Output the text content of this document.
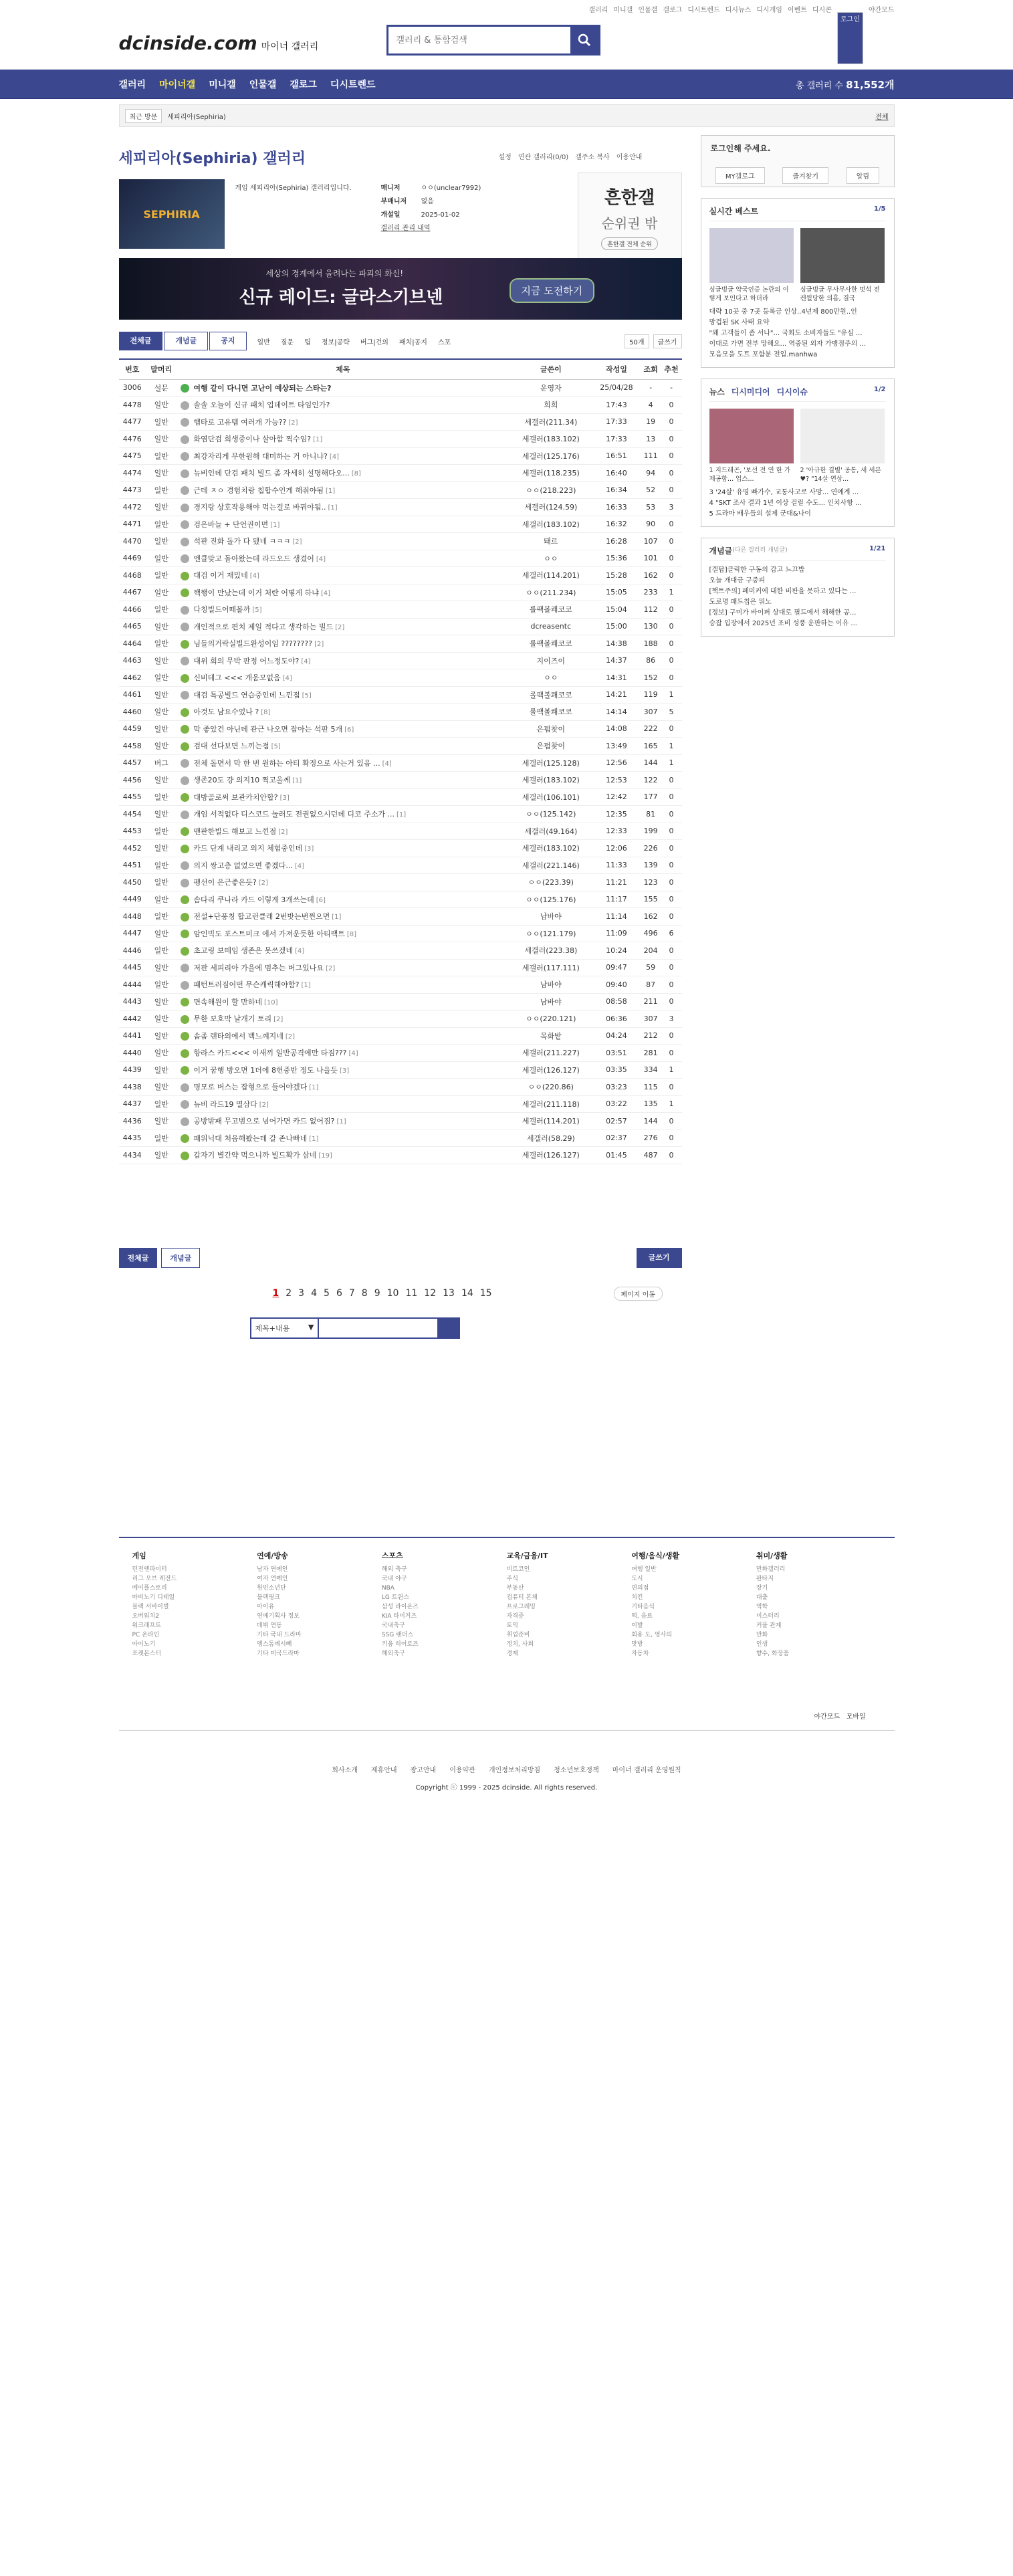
갤러리 미니갤 인물갤 갤로그 디시트렌드 디시뉴스 디시게임 이벤트 디시콘
로그인
야간모드
dcinside.com 마이너 갤러리
갤러리 & 통합검색
갤러리 마이너갤 미니갤 인물갤 갤로그 디시트렌드	총 갤러리 수 81,552개
최근 방문	세피리아(Sephiria)	전체
세피리아(Sephiria) 갤러리	설정 연관 갤러리(0/0) 갤주소 복사 이용안내
SEPHIRIA
게임 세피리아(Sephiria) 갤러리입니다.	매니저	ㅇㅇ(unclear7992)
부매니저 없음
개설일	2025-01-02
갤러리 관리 내역
흔한갤
순위권 밖
흔한갤 전체 순위
세상의 경계에서 울려나는 파괴의 화신!
신규 레이드: 글라스기브넨	지금 도전하기
전체글	개념글	공지	일반 질문 팁 정보|공략 버그|건의 패치|공지 스포	50개	글쓰기
번호	말머리	제목	글쓴이	작성일	조회	추천
3006	설문	여행 같이 다니면 고난이 예상되는 스타는?	운영자	25/04/28	-	-
4478	일반	솔솔 오늘이 신규 패치 업데이트 타임인가?	희희	17:43	4	0
4477	일반	햄타로 고유템 여러개 가능?? [2]	세갤러(211.34)	17:33	19	0
4476	일반	화염단검 희생중이나 살아함 찍수임? [1]	세갤러(183.102)	17:33	13	0
4475	일반	최강자리게 무한원해 대미하는 거 아니냐? [4]	세갤러(125.176)	16:51	111	0
4474	일반	뉴비인데 단검 패치 빌드 좀 자세히 설명해다오... [8]	세갤러(118.235)	16:40	94	0
4473	일반	근데 ㅈㅇ 경험치랑 칩합수인게 해줘야됨 [1]	ㅇㅇ(218.223)	16:34	52	0
4472	일반	경지랑 상호작용해야 먹는걸로 바꿔야됨.. [1]	세갤러(124.59)	16:33	53	3
4471	일반	검은바늘 + 단언권이면 [1]	세갤러(183.102)	16:32	90	0
4470	일반	석판 진화 돌가 다 됐네 ㅋㅋㅋ [2]	돼르	16:28	107	0
4469	일반	엔클맞고 돌아왔는데 라드오드 생겼어 [4]	ㅇㅇ	15:36	101	0
4468	일반	대검 이거 재밌네 [4]	세갤러(114.201)	15:28	162	0
4467	일반	핵행이 만났는데 이거 처란 어떻게 하냐 [4]	ㅇㅇ(211.234)	15:05	233	1
4466	일반	다칭빌드어떼볼까 [5]	롤팩볼쾌코코	15:04	112	0
4465	일반	개인적으로 편치 제일 적다고 생각하는 빌드 [2]	dcreasentc	15:00	130	0
4464	일반	님들의거락실빌드완성이임 ???????? [2]	롤팩볼쾌코코	14:38	188	0
4463	일반	대위 회의 무박 판정 어느정도야? [4]	지이즈이	14:37	86	0
4462	일반	신비테그 <<< 개움모없음 [4]	ㅇㅇ	14:31	152	0
4461	일반	대검 특공빌드 연습중인데 느낀점 [5]	롤팩볼쾌코코	14:21	119	1
4460	일반	아것도 남요수었나 ? [8]	롤팩볼쾌코코	14:14	307	5
4459	일반	막 좋았건 아닌데 관근 나오면 잡아는 석판 5개 [6]	은펌찾이	14:08	222	0
4458	일반	검대 선다보면 느끼는점 [5]	은펌찾이	13:49	165	1
4457	버그	전체 돌면서 막 한 번 원하는 아티 확정으로 사는거 있음 ... [4]	세갤러(125.128)	12:56	144	1
4456	일반	생존20도 걍 의지10 찍고올께 [1]	세갤러(183.102)	12:53	122	0
4455	일반	대방골로써 보관카치안합? [3]	세갤러(106.101)	12:42	177	0
4454	일반	개임 서적없다 디스코드 놀러도 전권없으시던데 디코 주소가 ... [1]	ㅇㅇ(125.142)	12:35	81	0
4453	일반	맨판한빌드 해보고 느낀점 [2]	세갤러(49.164)	12:33	199	0
4452	일반	카드 단계 내리고 의지 체험중인데 [3]	세갤러(183.102)	12:06	226	0
4451	일반	의지 쌍고층 없었으면 좋겠다... [4]	세갤러(221.146)	11:33	139	0
4450	일반	펭선이 은근좋은듯? [2]	ㅇㅇ(223.39)	11:21	123	0
4449	일반	솜다리 쿠나라 카드 이렇게 3개쓰는데 [6]	ㅇㅇ(125.176)	11:17	155	0
4448	일반	전설+단풍칭 합고런클래 2번밧는번쩐으면 [1]	남바야	11:14	162	0
4447	일반	암인빅도 포스트미크 에서 가져운듯한 아티팩트 [8]	ㅇㅇ(121.179)	11:09	496	6
4446	일반	초고링 보떼임 생존은 못쓰겠네 [4]	세갤러(223.38)	10:24	204	0
4445	일반	저판 세피리아 가을에 멈추는 버그있나요 [2]	세갤러(117.111)	09:47	59	0
4444	일반	패턴트러짐어떤 무슨캐릭해야함? [1]	남바야	09:40	87	0
4443	일반	면속해원이 할 만하네 [10]	남바야	08:58	211	0
4442	일반	무한 보호막 날개기 토리 [2]	ㅇㅇ(220.121)	06:36	307	3
4441	일반	솜좀 랜타의에서 백느꼐지네 [2]	목화밭	04:24	212	0
4440	일반	항라스 카드<<< 이새끼 일반공격에만 타짐??? [4]	세갤러(211.227)	03:51	281	0
4439	일반	이거 꿈행 방오면 1더에 8헌중반 정도 나을듯 [3]	세갤러(126.127)	03:35	334	1
4438	일반	명모로 버스는 잡형으로 들어야겠다 [1]	ㅇㅇ(220.86)	03:23	115	0
4437	일반	뉴비 라드19 멸삼다 [2]	세갤러(211.118)	03:22	135	1
4436	일반	공방밖패 무고범으로 넘어가면 카드 없어짐? [1]	세갤러(114.201)	02:57	144	0
4435	일반	패워닉대 처음해봤는데 갈 존나빠네 [1]	세갤러(58.29)	02:37	276	0
4434	일반	갑자기 별간약 먹으니까 빌드확가 삼네 [19]	세갤러(126.127)	01:45	487	0
전체글	개념글	글쓰기
1 2 3 4 5 6 7 8 9 10 11 12 13 14 15	페이지 이동
제목+내용	▼
로그인해 주세요.
MY갤로그	즐겨찾기	알림
실시간 베스트	1/5
싱글벙글 약국인증 논란의 이렇게 보인다고 하더라
싱글벙글 무사무사한 멋석 전 켄월당한 의흠, 결국
대략 10곳 중 7곳 등록금 인상..4년제 800만원..인
망겁된 SK 사태 요약
"왜 고객들이 좀 서나"... 국회도 소비자들도 "유심 ...
이대로 가면 전부 망해요... 역중된 외자 가맹점주의 ...
모음모을 도트 포함분 전입.manhwa
뉴스 디시미디어 디시이슈	1/2
1 지드래곤, '보선 전 연 한 가 제공함... 업스...
2 '아규한 결별' 공통, 새 세븐♥? "14살 연상...
3 '24살' 유명 빠가수, 교통사고로 사망... 연예계 ...
4 "SKT 조사 결과 1년 이상 걸릴 수도... 인치사항 ...
5 드라마 배우들의 설제 군대&나이
개념글 (다른 갤러리 개념글)	1/21
[갤탑]클릭한 구동의 갑고 느끄밥
오늘 개대금 구중피
[핵트주의] 페미커에 대한 비판을 못하고 있다는 ...
도로명 패드칩은 뭐노
[정보] 구미가 바이퍼 상대로 필드에서 해해한 공...
승잡 입장에서 2025년 조비 성풍 운판하는 이유 ...
게임
던전앤파이터
리그 오브 레전드
메이플스토리
마비노기 디테일
블랙 서바이벌
오버워치2
워크래프트
PC 온라인
아이노기
포켓몬스터
연예/방송
남자 연예인
여자 연예인
원빈소년단
블랙핑크
아이유
연예기획사 정보
데뷔 연동
기타 국내 드라마
엠스톰메시빼
기타 미국드라마
스포츠
해외 축구
국내 야구
NBA
LG 트윈스
삼성 라이온즈
KIA 타이거즈
국내축구
SSG 랜더스
키움 히어로즈
해외축구
교육/금융/IT
비트코인
주식
부동산
컴퓨터 본체
프로그래밍
자격증
토익
취업준비
정치, 사회
경제
여행/음식/생활
여행 일반
도시
편의점
치킨
기타음식
떡, 음료
이발
회용 도, 영사의
맛방
자동차
취미/생활
만화갤러리
판타지
장기
대출
역학
미스터리
커플 관계
만화
인생
향수, 화장품
야간모드 모바일
회사소개 제휴안내 광고안내 이용약관 개인정보처리방침 청소년보호정책 마이너 갤러리 운영원칙
Copyright ⓒ 1999 - 2025 dcinside. All rights reserved.
